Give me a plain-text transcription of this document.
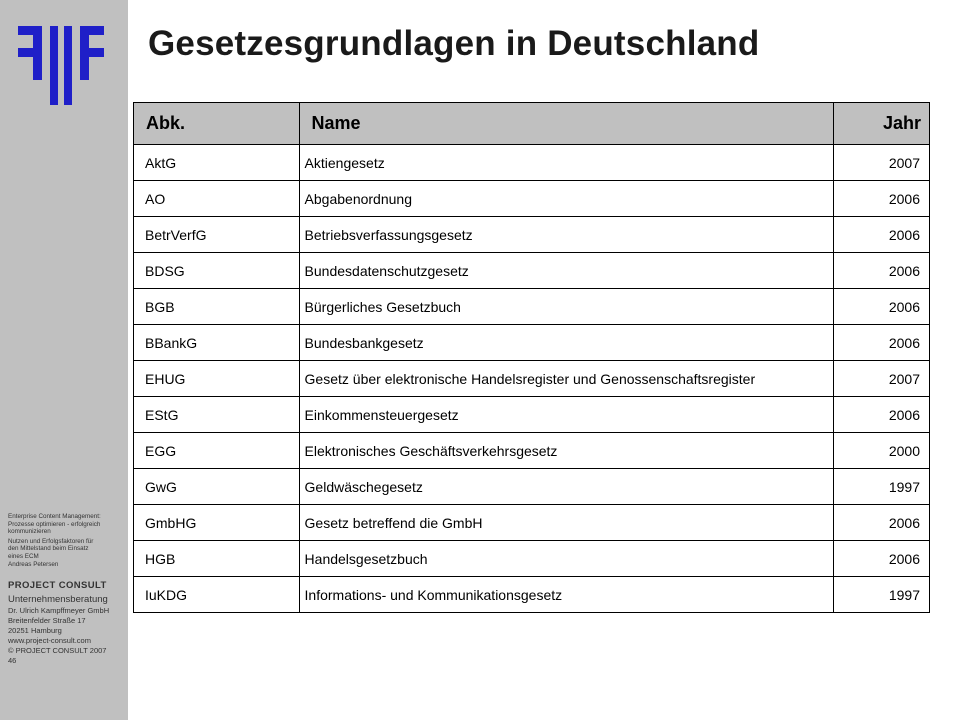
Enterprise Content Management:
Prozesse optimieren - erfolgreich
kommunizieren
Nutzen und Erfolgsfaktoren für
den Mittelstand beim Einsatz
eines ECM
Andreas Petersen
PROJECT CONSULT
Unternehmensberatung
Dr. Ulrich Kampffmeyer GmbH
Breitenfelder Straße 17
20251 Hamburg
www.project-consult.com
© PROJECT CONSULT 2007
46
Gesetzesgrundlagen in Deutschland
Abk.	Name	Jahr
AktG	Aktiengesetz	2007
AO	Abgabenordnung	2006
BetrVerfG	Betriebsverfassungsgesetz	2006
BDSG	Bundesdatenschutzgesetz	2006
BGB	Bürgerliches Gesetzbuch	2006
BBankG	Bundesbankgesetz	2006
EHUG	Gesetz über elektronische Handelsregister und Genossenschaftsregister	2007
EStG	Einkommensteuergesetz	2006
EGG	Elektronisches Geschäftsverkehrsgesetz	2000
GwG	Geldwäschegesetz	1997
GmbHG	Gesetz betreffend die GmbH	2006
HGB	Handelsgesetzbuch	2006
IuKDG	Informations- und Kommunikationsgesetz	1997
